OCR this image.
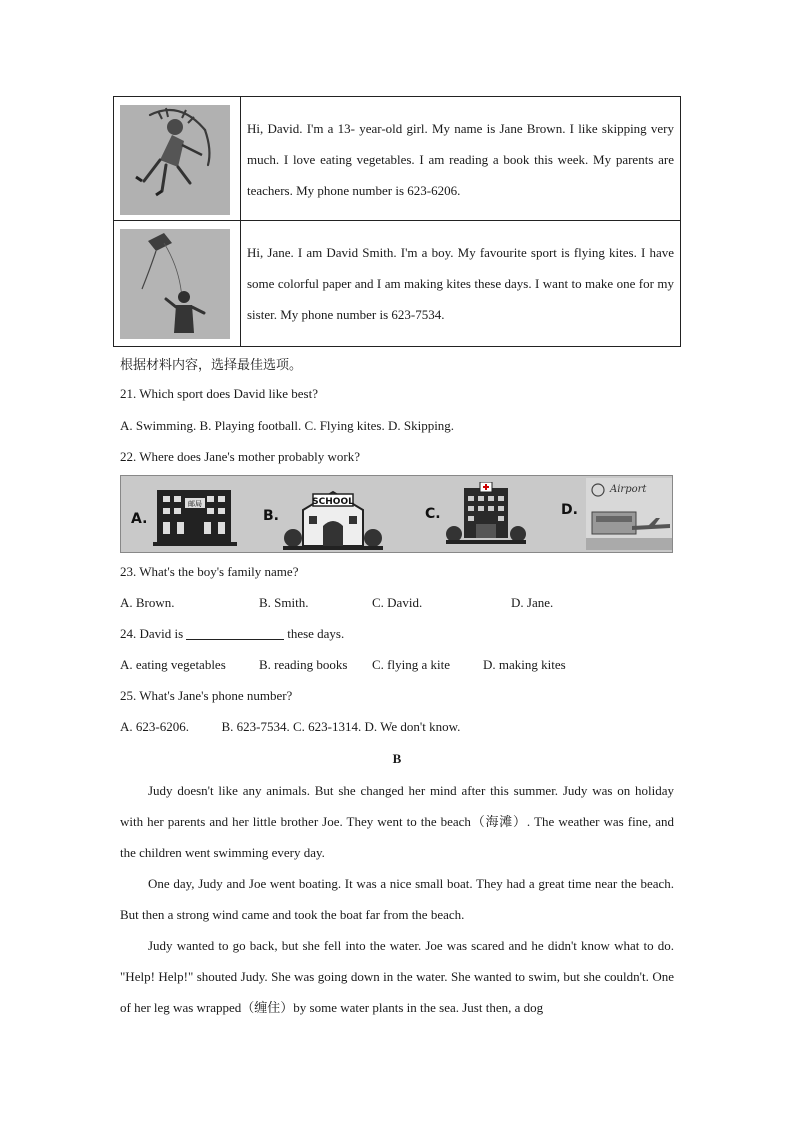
Hi, David. I'm a 13- year-old girl. My name is Jane Brown. I like skipping very much. I love eating vegetables. I am reading a book this week. My parents are teachers. My phone number is 623-6206.
Hi, Jane. I am David Smith. I'm a boy. My favourite sport is flying kites. I have some colorful paper and I am making kites these days. I want to make one for my sister. My phone number is 623-7534.
根据材料内容，选择最佳选项。
21. Which sport does David like best?
A. Swimming. B. Playing football. C. Flying kites. D. Skipping.
22. Where does Jane's mother probably work?
A.
邮局
B.
SCHOOL
C.	D.
Airport
23. What's the boy's family name?
A. Brown.	B. Smith.	C. David.	D. Jane.
24. David is	these days.
A. eating vegetables	B. reading books C. flying a kite	D. making kites
25. What's Jane's phone number?
A. 623-6206.          B. 623-7534. C. 623-1314. D. We don't know.
B
Judy doesn't like any animals. But she changed her mind after this summer. Judy was on holiday with her parents and her little brother Joe. They went to the beach（海滩）. The weather was fine, and the children went swimming every day.
One day, Judy and Joe went boating. It was a nice small boat. They had a great time near the beach. But then a strong wind came and took the boat far from the beach.
Judy wanted to go back, but she fell into the water. Joe was scared and he didn't know what to do. "Help! Help!" shouted Judy. She was going down in the water. She wanted to swim, but she couldn't. One of her leg was wrapped（缠住）by some water plants in the sea. Just then, a dog
